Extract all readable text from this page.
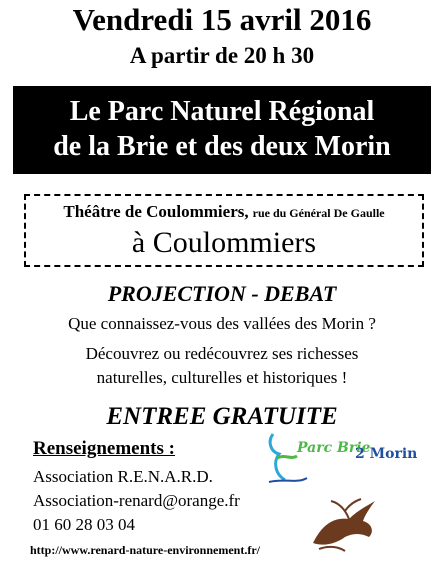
Vendredi 15 avril 2016
A partir de 20 h 30
Le Parc Naturel Régional
de la Brie et des deux Morin
Théâtre de Coulommiers, rue du Général De Gaulle
à Coulommiers
PROJECTION - DEBAT
Que connaissez-vous des vallées des Morin ?
Découvrez ou redécouvrez ses richesses
naturelles, culturelles et historiques !
ENTREE GRATUITE
Renseignements :
Association R.E.N.A.R.D.
Association-renard@orange.fr
01 60 28 03 04
http://www.renard-nature-environnement.fr/
Parc Brie
2 Morin
